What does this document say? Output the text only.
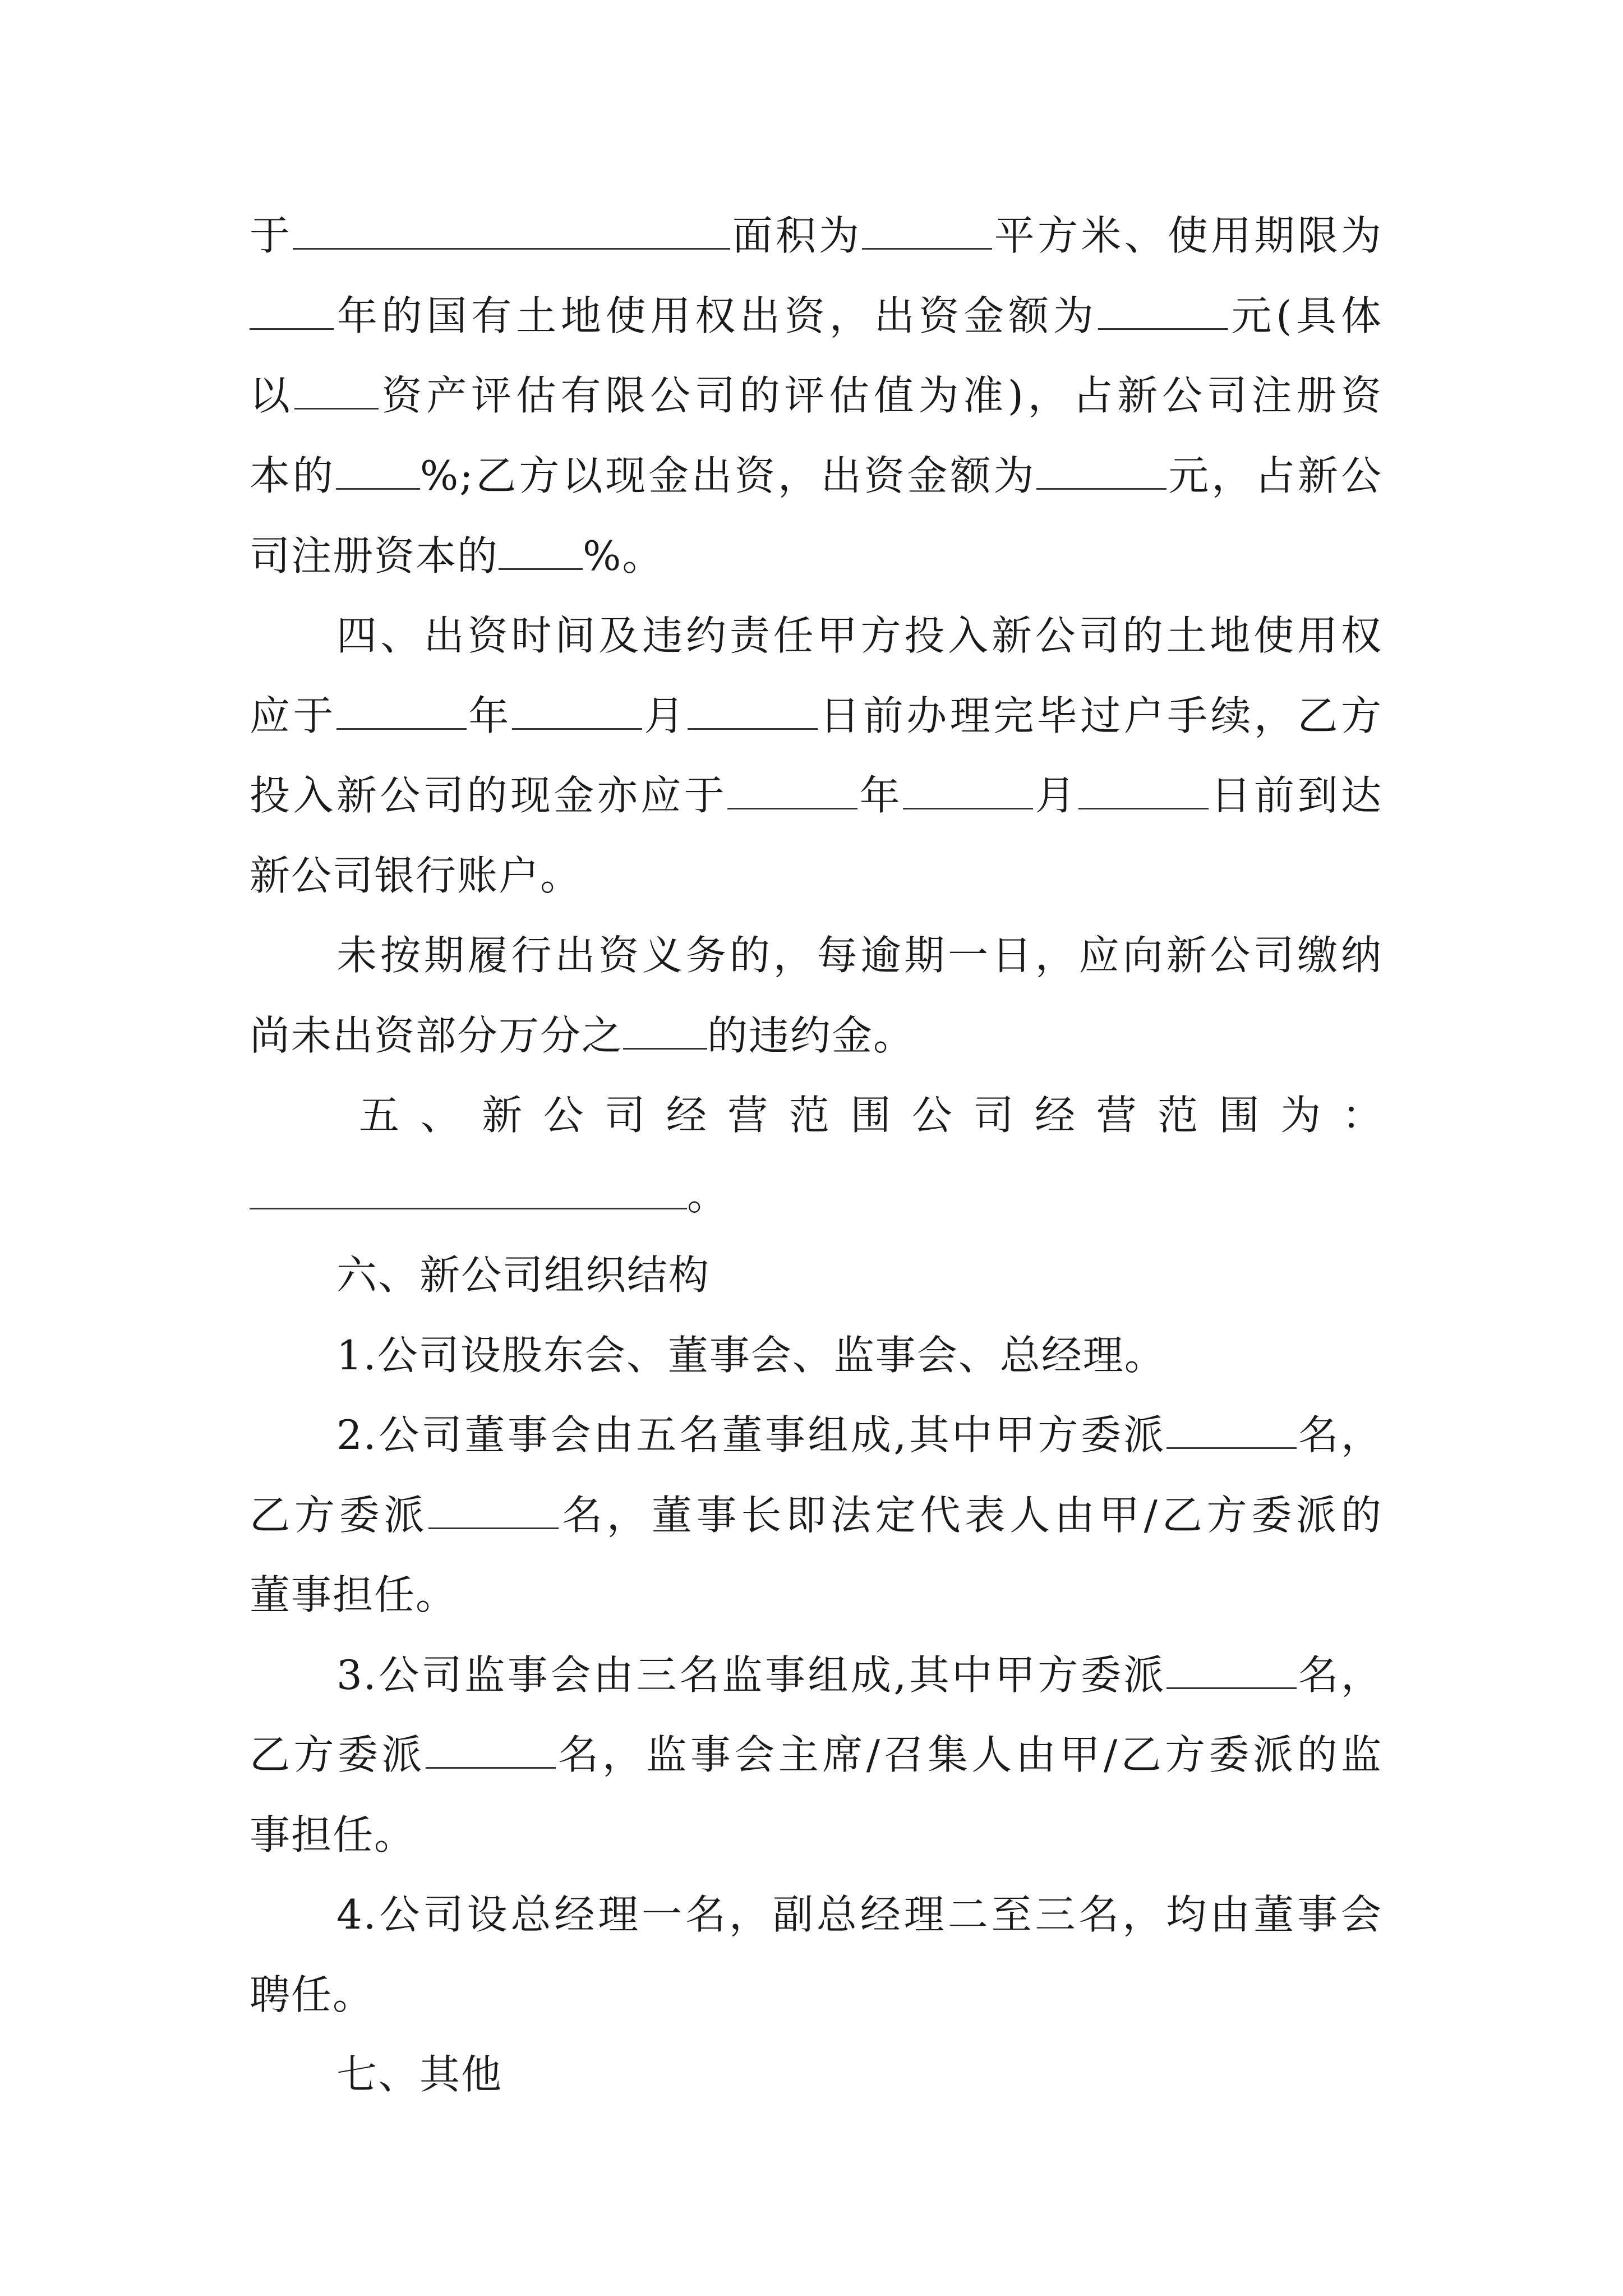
于	面积为	平方米、使用期限为
年的国有土地使用权出资，出资金额为	元(具体
以 资产评估有限公司的评估值为准)，占新公司注册资
本的 %;乙方以现金出资，出资金额为	元，占新公
司注册资本的 %。
四、出资时间及违约责任甲方投入新公司的土地使用权
应于	年	月	日前办理完毕过户手续，乙方
投入新公司的现金亦应于	年	月	日前到达
新公司银行账户。
未按期履行出资义务的，每逾期一日，应向新公司缴纳
尚未出资部分万分之 的违约金。
五 、 新 公 司 经 营 范 围 公 司 经 营 范 围 为 ：
。
六、新公司组织结构
1.公司设股东会、董事会、监事会、总经理。
2.公司董事会由五名董事组成,其中甲方委派	名，
乙方委派	名，董事长即法定代表人由甲/乙方委派的
董事担任。
3.公司监事会由三名监事组成,其中甲方委派	名，
乙方委派	名，监事会主席/召集人由甲/乙方委派的监
事担任。
4.公司设总经理一名，副总经理二至三名，均由董事会
聘任。
七、其他
